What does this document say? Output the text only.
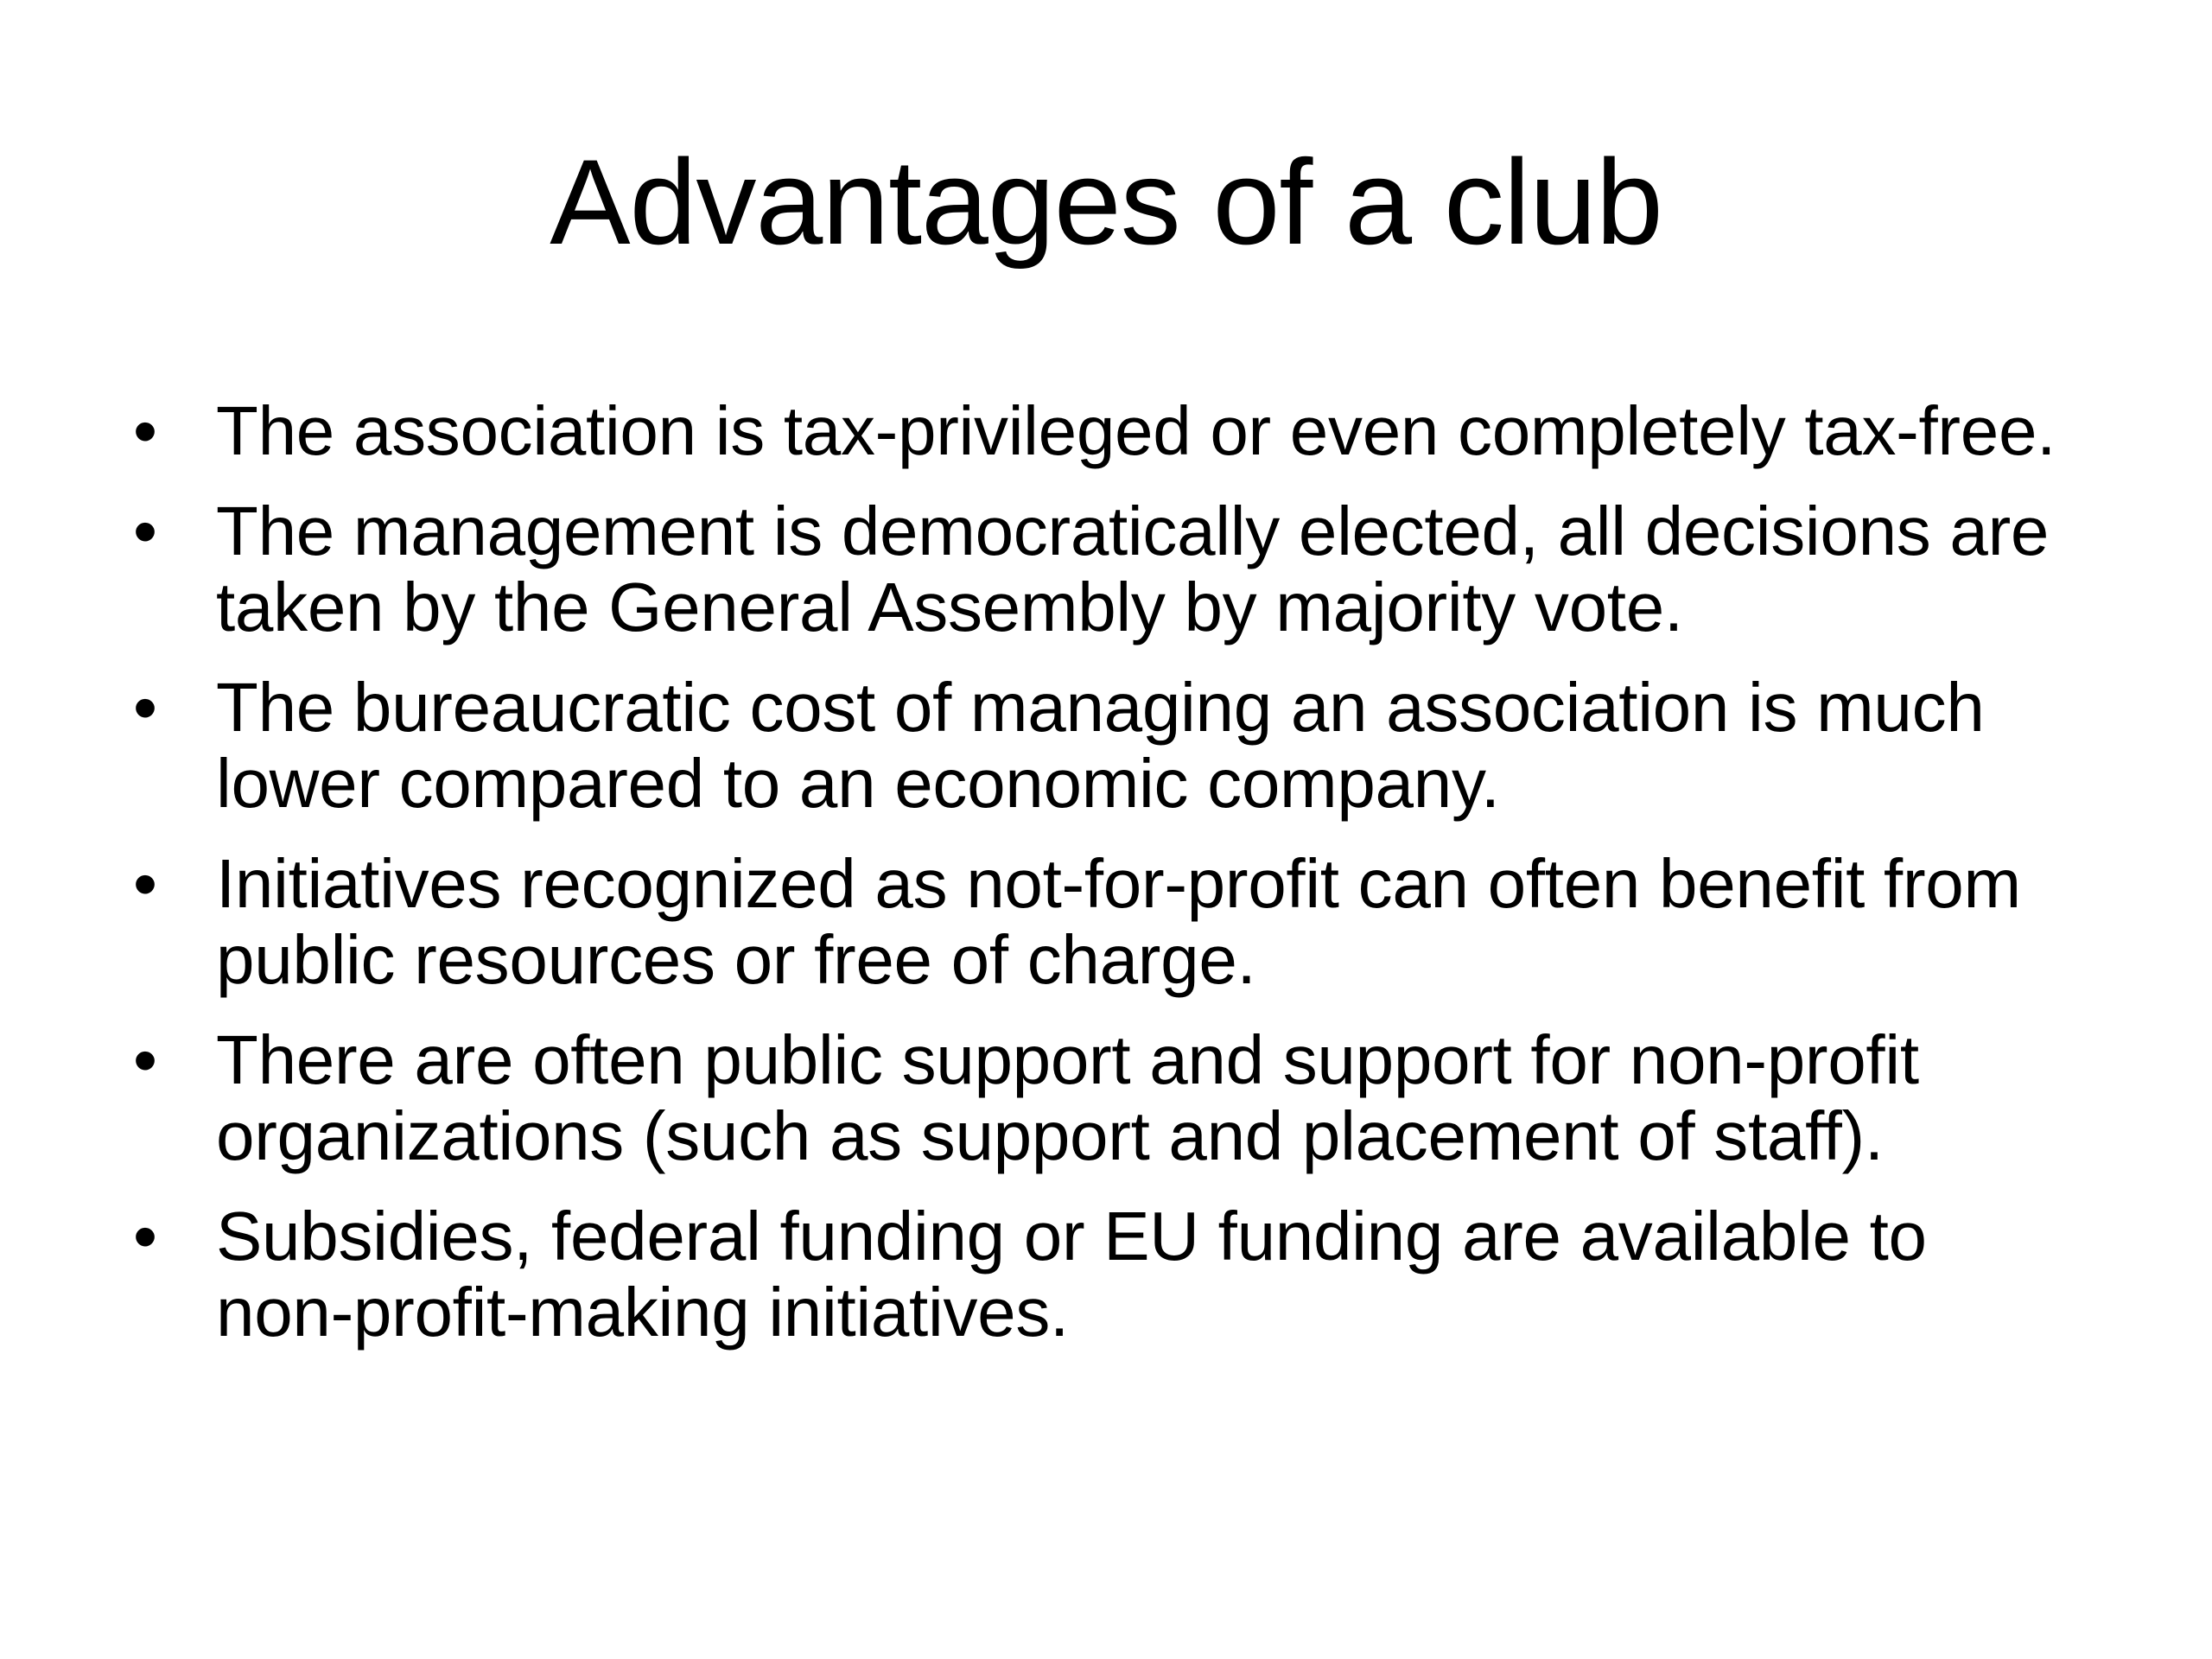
Advantages of a club
• The association is tax-privileged or even completely tax-free.
• The management is democratically elected, all decisions are taken by the General Assembly by majority vote.
• The bureaucratic cost of managing an association is much lower compared to an economic company.
• Initiatives recognized as not-for-profit can often benefit from public resources or free of charge.
• There are often public support and support for non-profit organizations (such as support and placement of staff).
• Subsidies, federal funding or EU funding are available to non-profit-making initiatives.
